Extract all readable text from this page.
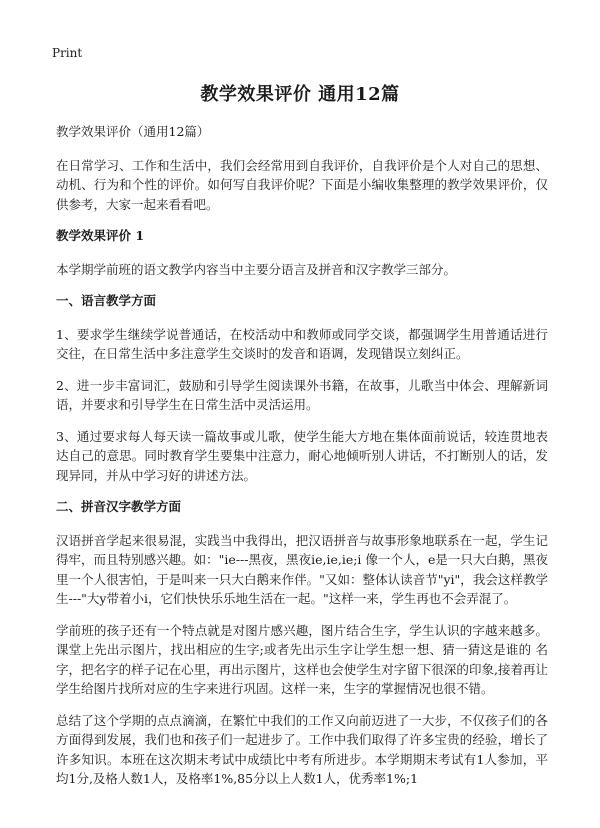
Print
教学效果评价 通用12篇

教学效果评价（通用12篇）

在日常学习、工作和生活中，我们会经常用到自我评价，自我评价是个人对自己的思想、动机、行为和个性的评价。如何写自我评价呢？下面是小编收集整理的教学效果评价，仅供参考，大家一起来看看吧。

教学效果评价 1

本学期学前班的语文教学内容当中主要分语言及拼音和汉字教学三部分。

一、语言教学方面

1、要求学生继续学说普通话，在校活动中和教师或同学交谈，都强调学生用普通话进行交往，在日常生活中多注意学生交谈时的发音和语调，发现错误立刻纠正。

2、进一步丰富词汇，鼓励和引导学生阅读课外书籍，在故事，儿歌当中体会、理解新词语，并要求和引导学生在日常生活中灵活运用。

3、通过要求每人每天读一篇故事或儿歌，使学生能大方地在集体面前说话，较连贯地表达自己的意思。同时教育学生要集中注意力，耐心地倾听别人讲话，不打断别人的话，发现异同，并从中学习好的讲述方法。

二、拼音汉字教学方面

汉语拼音学起来很易混，实践当中我得出，把汉语拼音与故事形象地联系在一起，学生记得牢，而且特别感兴趣。如："ie---黑夜，黑夜ie,ie,ie;i 像一个人，e是一只大白鹅，黑夜里一个人很害怕，于是叫来一只大白鹅来作伴。"又如：整体认读音节"yi"，我会这样教学生---"大y带着小i，它们快快乐乐地生活在一起。"这样一来，学生再也不会弄混了。

学前班的孩子还有一个特点就是对图片感兴趣，图片结合生字，学生认识的字越来越多。课堂上先出示图片，找出相应的生字;或者先出示生字让学生想一想、猜一猜这是谁的 名字，把名字的样子记在心里，再出示图片，这样也会使学生对字留下很深的印象,接着再让学生给图片找所对应的生字来进行巩固。这样一来，生字的掌握情况也很不错。

总结了这个学期的点点滴滴，在繁忙中我们的工作又向前迈进了一大步，不仅孩子们的各方面得到发展，我们也和孩子们一起进步了。工作中我们取得了许多宝贵的经验，增长了许多知识。本班在这次期末考试中成绩比中考有所进步。本学期期末考试有1人参加，平均1分,及格人数1人，及格率1%,85分以上人数1人，优秀率1%;1
